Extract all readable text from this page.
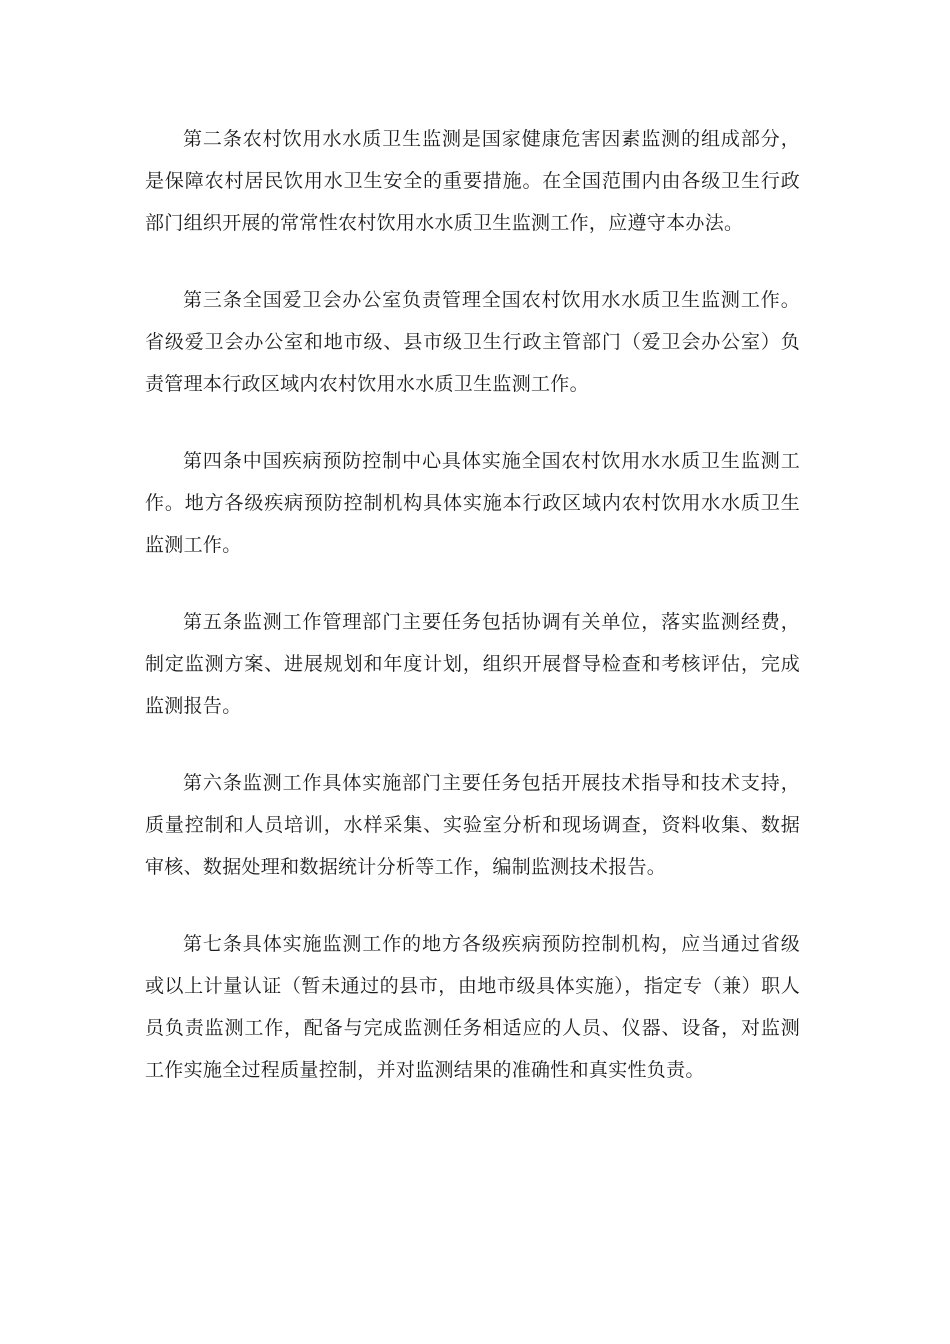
第二条农村饮用水水质卫生监测是国家健康危害因素监测的组成部分，是保障农村居民饮用水卫生安全的重要措施。在全国范围内由各级卫生行政部门组织开展的常常性农村饮用水水质卫生监测工作，应遵守本办法。

第三条全国爱卫会办公室负责管理全国农村饮用水水质卫生监测工作。省级爱卫会办公室和地市级、县市级卫生行政主管部门（爱卫会办公室）负责管理本行政区域内农村饮用水水质卫生监测工作。

第四条中国疾病预防控制中心具体实施全国农村饮用水水质卫生监测工作。地方各级疾病预防控制机构具体实施本行政区域内农村饮用水水质卫生监测工作。

第五条监测工作管理部门主要任务包括协调有关单位，落实监测经费，制定监测方案、进展规划和年度计划，组织开展督导检查和考核评估，完成监测报告。

第六条监测工作具体实施部门主要任务包括开展技术指导和技术支持，质量控制和人员培训，水样采集、实验室分析和现场调查，资料收集、数据审核、数据处理和数据统计分析等工作，编制监测技术报告。

第七条具体实施监测工作的地方各级疾病预防控制机构，应当通过省级或以上计量认证（暂未通过的县市，由地市级具体实施），指定专（兼）职人员负责监测工作，配备与完成监测任务相适应的人员、仪器、设备，对监测工作实施全过程质量控制，并对监测结果的准确性和真实性负责。
